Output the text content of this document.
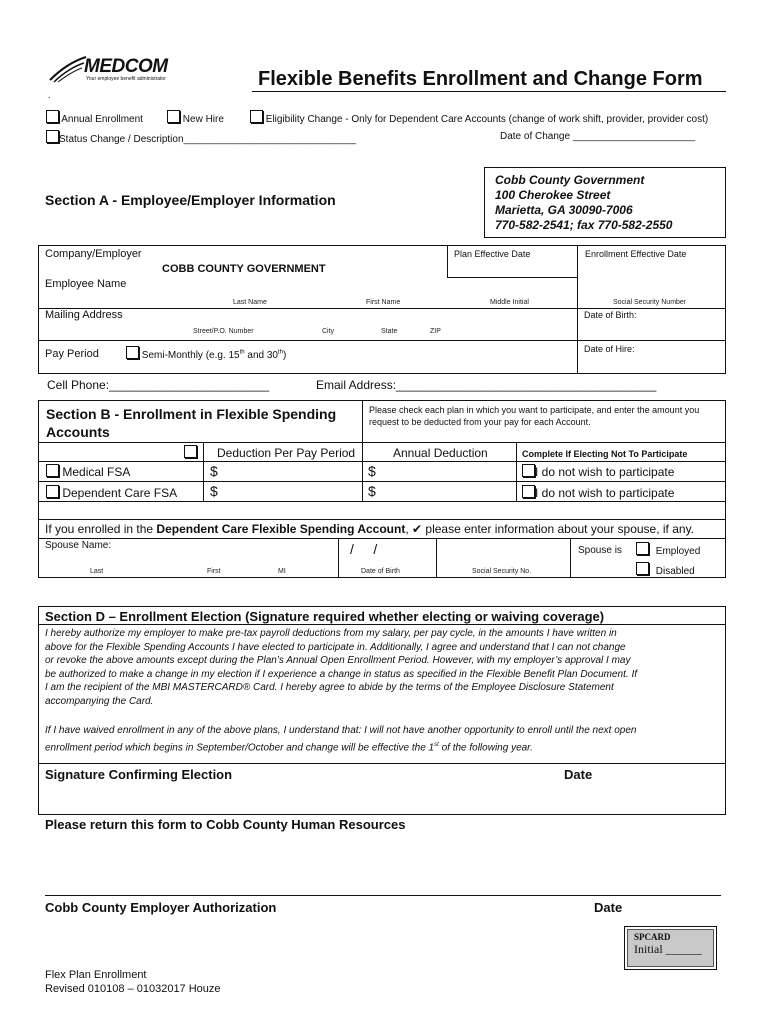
MEDCOM
Your employee benefit administrator
.
Flexible Benefits Enrollment and Change Form
Annual Enrollment	New Hire	Eligibility Change - Only for Dependent Care Accounts (change of work shift, provider, provider cost)
Status Change / Description_______________________________	Date of Change ______________________
Section A - Employee/Employer Information
Cobb County Government
100 Cherokee Street
Marietta, GA 30090-7006
770-582-2541; fax 770-582-2550
Company/Employer
COBB COUNTY GOVERNMENT
Plan Effective Date	Enrollment Effective Date
Employee Name
Last Name	First Name	Middle Initial	Social Security Number
Mailing Address	Date of Birth:
Street/P.O. Number	City	State	ZIP
Pay Period	Semi-Monthly (e.g. 15th and 30th)
Date of Hire:
Cell Phone:________________________	Email Address:_______________________________________
Section B - Enrollment in Flexible Spending
Accounts
Please check each plan in which you want to participate, and enter the amount you request to be deducted from your pay for each Account.
Deduction Per Pay Period	Annual Deduction	Complete If Electing Not To Participate
Medical FSA	$	$	I do not wish to participate
Dependent Care FSA $	$	I do not wish to participate
If you enrolled in the Dependent Care Flexible Spending Account, ✔ please enter information about your spouse, if any.
Spouse Name:	/     /	Spouse is	Employed
Disabled
Last	First	MI	Date of Birth	Social Security No.
Section D – Enrollment Election (Signature required whether electing or waiving coverage)
I hereby authorize my employer to make pre-tax payroll deductions from my salary, per pay cycle, in the amounts I have written in
above for the Flexible Spending Accounts I have elected to participate in. Additionally, I agree and understand that I can not change
or revoke the above amounts except during the Plan’s Annual Open Enrollment Period. However, with my employer’s approval I may
be authorized to make a change in my election if I experience a change in status as specified in the Flexible Benefit Plan Document. If
I am the recipient of the MBI MASTERCARD® Card. I hereby agree to abide by the terms of the Employee Disclosure Statement
accompanying the Card.
If I have waived enrollment in any of the above plans, I understand that: I will not have another opportunity to enroll until the next open
enrollment period which begins in September/October and change will be effective the 1st of the following year.
Signature Confirming Election	Date
Please return this form to Cobb County Human Resources
Cobb County Employer Authorization	Date
SPCARD
Initial ______
Flex Plan Enrollment
Revised 010108 – 01032017 Houze
